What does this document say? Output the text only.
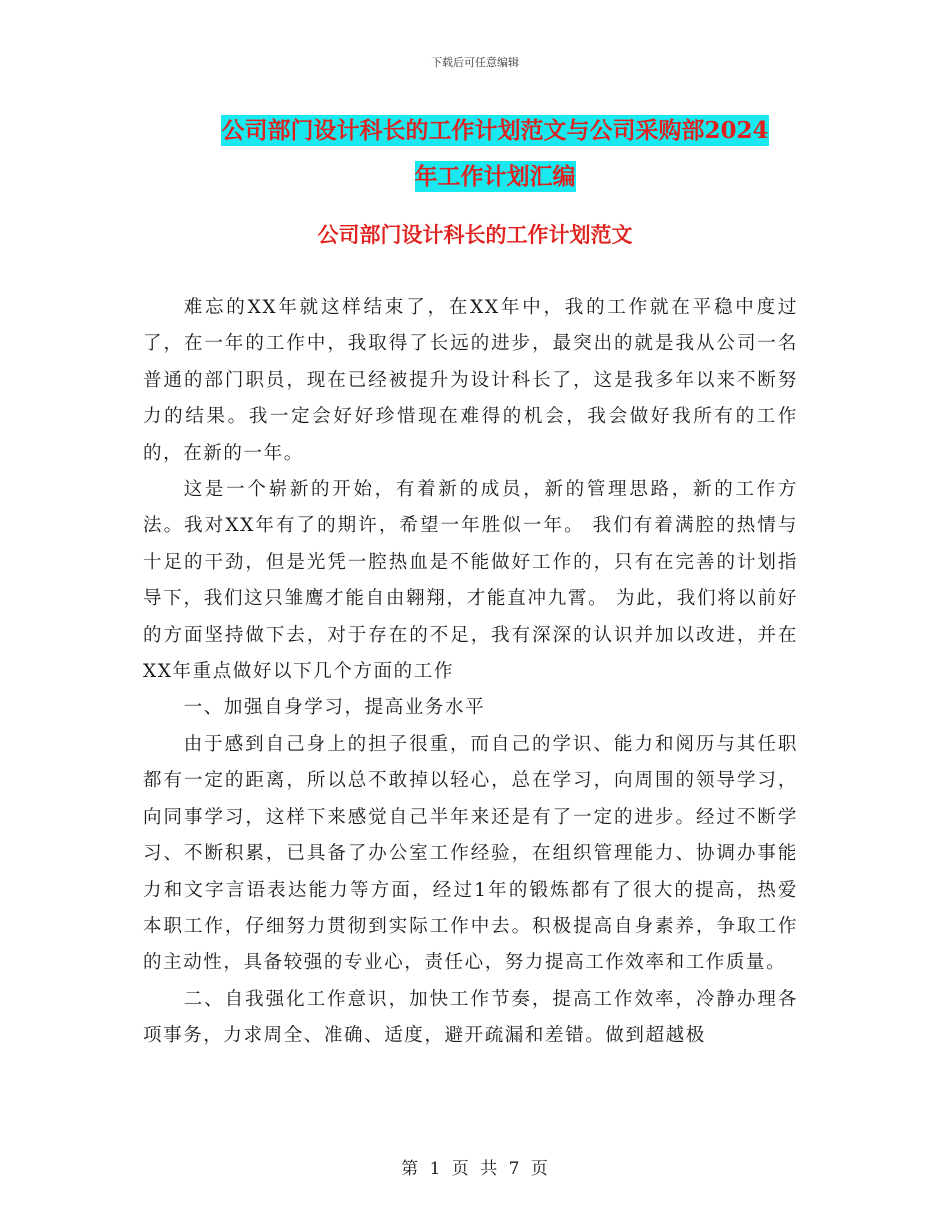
下载后可任意编辑
公司部门设计科长的工作计划范文与公司采购部2024
年工作计划汇编
公司部门设计科长的工作计划范文

难忘的XX年就这样结束了，在XX年中，我的工作就在平稳中度过了，在一年的工作中，我取得了长远的进步，最突出的就是我从公司一名普通的部门职员，现在已经被提升为设计科长了，这是我多年以来不断努力的结果。我一定会好好珍惜现在难得的机会，我会做好我所有的工作的，在新的一年。

这是一个崭新的开始，有着新的成员，新的管理思路，新的工作方法。我对XX年有了的期许，希望一年胜似一年。 我们有着满腔的热情与十足的干劲，但是光凭一腔热血是不能做好工作的，只有在完善的计划指导下，我们这只雏鹰才能自由翱翔，才能直冲九霄。 为此，我们将以前好的方面坚持做下去，对于存在的不足，我有深深的认识并加以改进，并在XX年重点做好以下几个方面的工作

一、加强自身学习，提高业务水平

由于感到自己身上的担子很重，而自己的学识、能力和阅历与其任职都有一定的距离，所以总不敢掉以轻心，总在学习，向周围的领导学习，向同事学习，这样下来感觉自己半年来还是有了一定的进步。经过不断学习、不断积累，已具备了办公室工作经验，在组织管理能力、协调办事能力和文字言语表达能力等方面，经过1年的锻炼都有了很大的提高，热爱本职工作，仔细努力贯彻到实际工作中去。积极提高自身素养，争取工作的主动性，具备较强的专业心，责任心，努力提高工作效率和工作质量。

二、自我强化工作意识，加快工作节奏，提高工作效率，冷静办理各项事务，力求周全、准确、适度，避开疏漏和差错。做到超越极

第 1 页 共 7 页
